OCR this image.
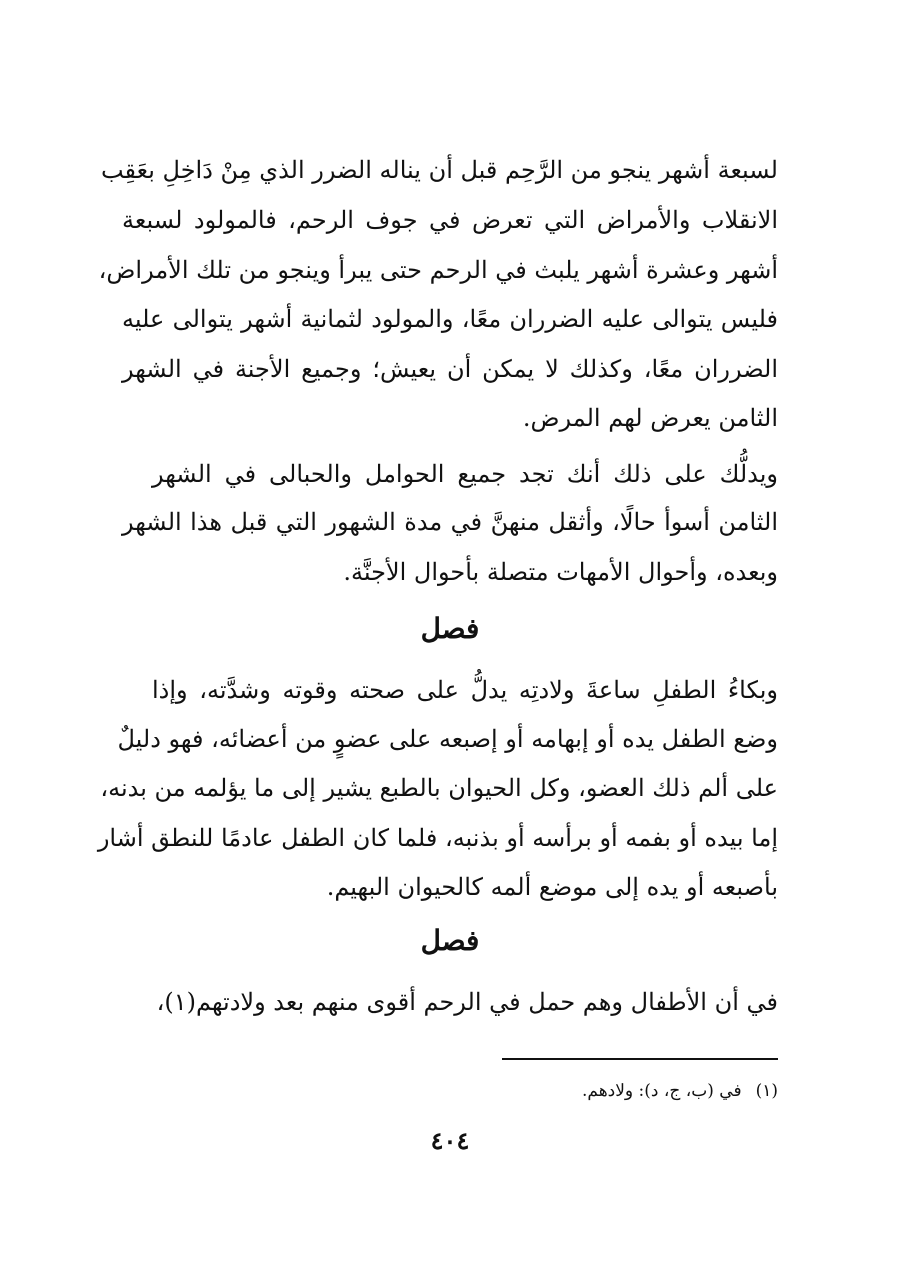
لسبعة أشهر ينجو من الرَّحِم قبل أن يناله الضرر الذي مِنْ دَاخِلِ بعَقِب
الانقلاب والأمراض التي تعرض في جوف الرحم، فالمولود لسبعة
أشهر وعشرة أشهر يلبث في الرحم حتى يبرأ وينجو من تلك الأمراض،
فليس يتوالى عليه الضرران معًا، والمولود لثمانية أشهر يتوالى عليه
الضرران معًا، وكذلك لا يمكن أن يعيش؛ وجميع الأجنة في الشهر
الثامن يعرض لهم المرض.
ويدلُّك على ذلك أنك تجد جميع الحوامل والحبالى في الشهر
الثامن أسوأ حالًا، وأثقل منهنَّ في مدة الشهور التي قبل هذا الشهر
وبعده، وأحوال الأمهات متصلة بأحوال الأجنَّة.
فصل
وبكاءُ الطفلِ ساعةَ ولادتِه يدلُّ على صحته وقوته وشدَّته، وإذا
وضع الطفل يده أو إبهامه أو إصبعه على عضوٍ من أعضائه، فهو دليلٌ
على ألم ذلك العضو، وكل الحيوان بالطبع يشير إلى ما يؤلمه من بدنه،
إما بيده أو بفمه أو برأسه أو بذنبه، فلما كان الطفل عادمًا للنطق أشار
بأصبعه أو يده إلى موضع ألمه كالحيوان البهيم.
فصل
في أن الأطفال وهم حمل في الرحم أقوى منهم بعد ولادتهم(١)،
(١)في (ب، ج، د): ولادهم.
٤٠٤
